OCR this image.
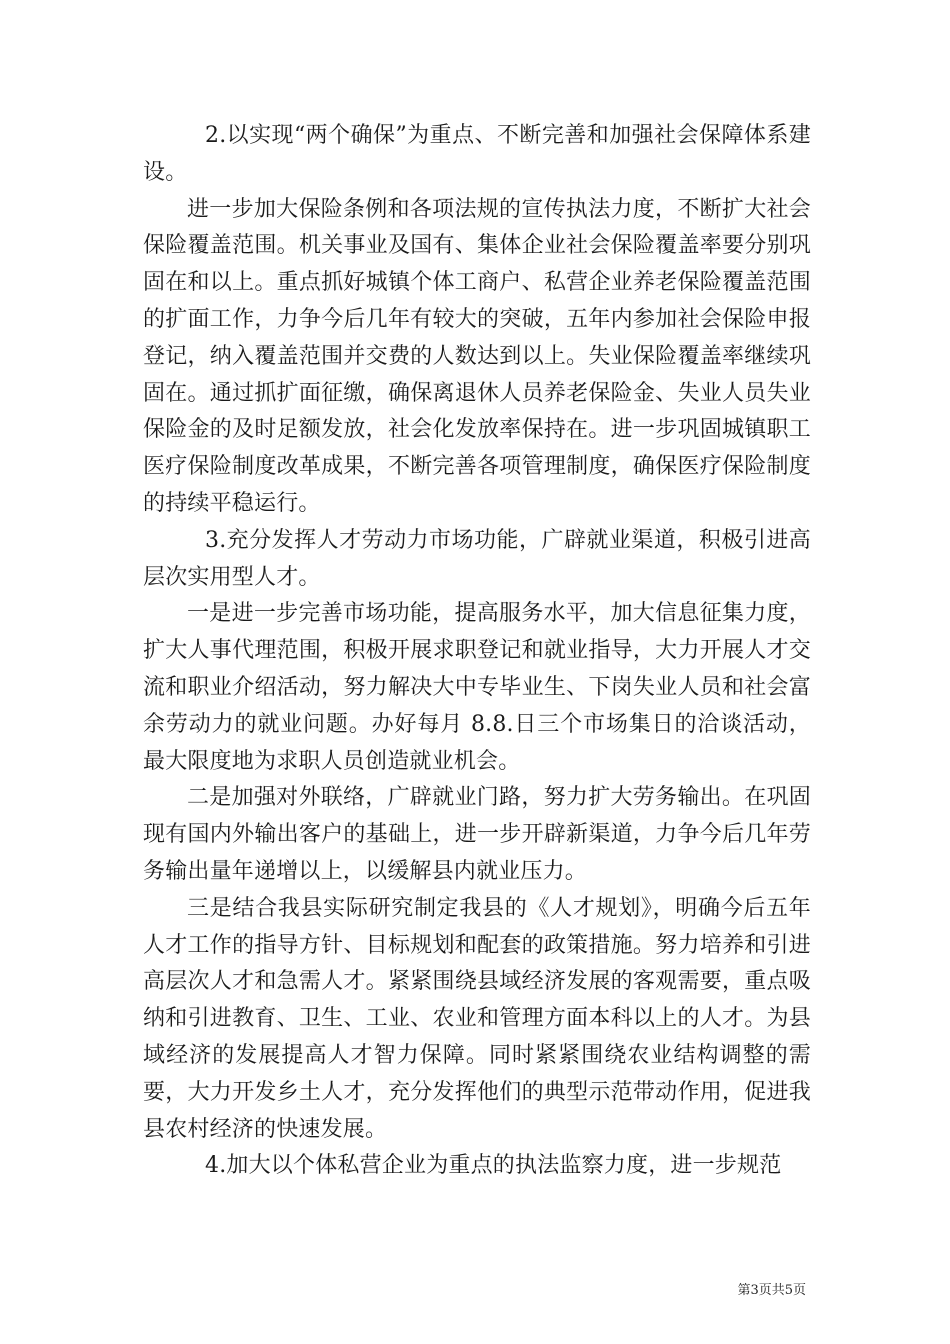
2.以实现“两个确保”为重点、不断完善和加强社会保障体系建设。

进一步加大保险条例和各项法规的宣传执法力度，不断扩大社会保险覆盖范围。机关事业及国有、集体企业社会保险覆盖率要分别巩固在和以上。重点抓好城镇个体工商户、私营企业养老保险覆盖范围的扩面工作，力争今后几年有较大的突破，五年内参加社会保险申报登记，纳入覆盖范围并交费的人数达到以上。失业保险覆盖率继续巩固在。通过抓扩面征缴，确保离退休人员养老保险金、失业人员失业保险金的及时足额发放，社会化发放率保持在。进一步巩固城镇职工医疗保险制度改革成果，不断完善各项管理制度，确保医疗保险制度的持续平稳运行。

3.充分发挥人才劳动力市场功能，广辟就业渠道，积极引进高层次实用型人才。

一是进一步完善市场功能，提高服务水平，加大信息征集力度，扩大人事代理范围，积极开展求职登记和就业指导，大力开展人才交流和职业介绍活动，努力解决大中专毕业生、下岗失业人员和社会富余劳动力的就业问题。办好每月 8.8.日三个市场集日的洽谈活动，最大限度地为求职人员创造就业机会。

二是加强对外联络，广辟就业门路，努力扩大劳务输出。在巩固现有国内外输出客户的基础上，进一步开辟新渠道，力争今后几年劳务输出量年递增以上，以缓解县内就业压力。

三是结合我县实际研究制定我县的《人才规划》，明确今后五年人才工作的指导方针、目标规划和配套的政策措施。努力培养和引进高层次人才和急需人才。紧紧围绕县域经济发展的客观需要，重点吸纳和引进教育、卫生、工业、农业和管理方面本科以上的人才。为县域经济的发展提高人才智力保障。同时紧紧围绕农业结构调整的需要，大力开发乡土人才，充分发挥他们的典型示范带动作用，促进我县农村经济的快速发展。

4.加大以个体私营企业为重点的执法监察力度，进一步规范

第3页共5页
